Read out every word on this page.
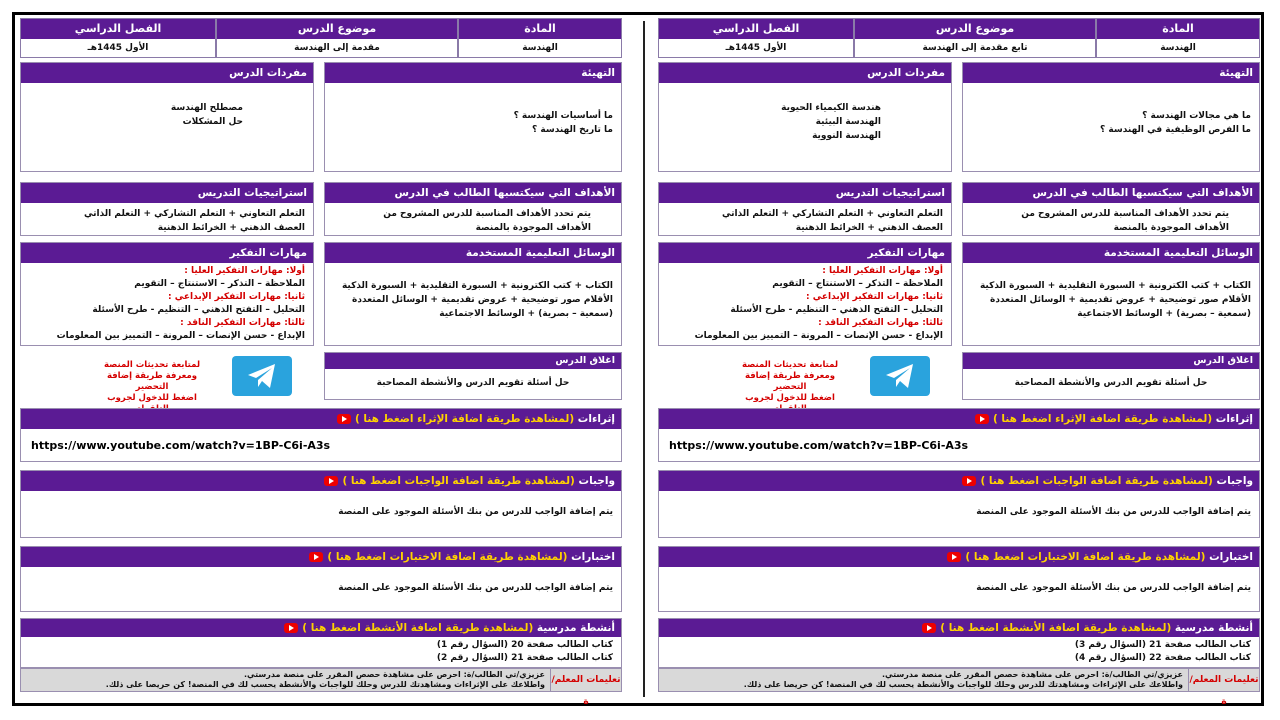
المادة
الهندسة
موضوع الدرس
تابع مقدمة إلى الهندسة
الفصل الدراسي
الأول 1445هـ
التهيئة
ما هي مجالات الهندسة ؟
ما الفرص الوظيفية في الهندسة ؟
مفردات الدرس
هندسة الكيمياء الحيوية
الهندسة البيئية
الهندسة النووية
الأهداف التي سيكتسبها الطالب في الدرس
يتم تحدد الأهداف المناسبة للدرس المشروح من الأهداف الموجودة بالمنصة
استراتيجيات التدريس
التعلم التعاوني + التعلم التشاركي + التعلم الذاتي
العصف الذهني + الخرائط الذهنية
الوسائل التعليمية المستخدمة
الكتاب + كتب الكترونية + السبورة التقليدية + السبورة الذكية
الأقلام صور توضيحية + عروض تقديمية + الوسائل المتعددة
(سمعية – بصرية) + الوسائط الاجتماعية
مهارات التفكير
أولا: مهارات التفكير العليا :
الملاحظة – التذكر – الاستنتاج – التقويم
ثانيا: مهارات التفكير الإبداعي :
التحليل – التفتح الذهني – التنظيم - طرح الأسئلة
ثالثا: مهارات التفكير الناقد :
الإبداع - حسن الإنصات – المرونة – التمييز بين المعلومات
اغلاق الدرس
حل أسئلة تقويم الدرس والأنشطة المصاحبة
لمتابعة تحديثات المنصة
ومعرفة طريقة إضافة التحضير
اضغط للدخول لجروب
إثراءات (لمشاهدة طريقة اضافة الإثراء اضغط هنا )
https://www.youtube.com/watch?v=1BP-C6i-A3s
واجبات (لمشاهدة طريقة اضافة الواجبات اضغط هنا )
يتم إضافة الواجب للدرس من بنك الأسئلة الموجود على المنصة
اختبارات (لمشاهدة طريقة اضافة الاختبارات اضغط هنا )
يتم إضافة الواجب للدرس من بنك الأسئلة الموجود على المنصة
أنشطة مدرسية (لمشاهدة طريقة اضافة الأنشطة اضغط هنا )
كتاب الطالب صفحة 21 (السؤال رقم 3)
كتاب الطالب صفحة 22 (السؤال رقم 4)
تعليمات المعلم/ة
عزيزي/تي الطالب/ة: احرص على مشاهدة حصص المقرر على منصة مدرستي.
واطلاعك على الإثراءات ومشاهدتك للدرس وحلك للواجبات والأنشطة يحسب لك في المنصة! كن حريصا على ذلك.
المادة
الهندسة
موضوع الدرس
مقدمة إلى الهندسة
الفصل الدراسي
الأول 1445هـ
التهيئة
ما أساسيات الهندسة ؟
ما تاريخ الهندسة ؟
مفردات الدرس
مصطلح الهندسة
حل المشكلات
الأهداف التي سيكتسبها الطالب في الدرس
يتم تحدد الأهداف المناسبة للدرس المشروح من الأهداف الموجودة بالمنصة
استراتيجيات التدريس
التعلم التعاوني + التعلم التشاركي + التعلم الذاتي
العصف الذهني + الخرائط الذهنية
الوسائل التعليمية المستخدمة
الكتاب + كتب الكترونية + السبورة التقليدية + السبورة الذكية
الأقلام صور توضيحية + عروض تقديمية + الوسائل المتعددة
(سمعية – بصرية) + الوسائط الاجتماعية
مهارات التفكير
أولا: مهارات التفكير العليا :
الملاحظة – التذكر – الاستنتاج – التقويم
ثانيا: مهارات التفكير الإبداعي :
التحليل – التفتح الذهني – التنظيم - طرح الأسئلة
ثالثا: مهارات التفكير الناقد :
الإبداع - حسن الإنصات – المرونة – التمييز بين المعلومات
اغلاق الدرس
حل أسئلة تقويم الدرس والأنشطة المصاحبة
لمتابعة تحديثات المنصة
ومعرفة طريقة إضافة التحضير
اضغط للدخول لجروب
إثراءات (لمشاهدة طريقة اضافة الإثراء اضغط هنا )
https://www.youtube.com/watch?v=1BP-C6i-A3s
واجبات (لمشاهدة طريقة اضافة الواجبات اضغط هنا )
يتم إضافة الواجب للدرس من بنك الأسئلة الموجود على المنصة
اختبارات (لمشاهدة طريقة اضافة الاختبارات اضغط هنا )
يتم إضافة الواجب للدرس من بنك الأسئلة الموجود على المنصة
أنشطة مدرسية (لمشاهدة طريقة اضافة الأنشطة اضغط هنا )
كتاب الطالب صفحة 20 (السؤال رقم 1)
كتاب الطالب صفحة 21 (السؤال رقم 2)
تعليمات المعلم/ة
عزيزي/تي الطالب/ة: احرص على مشاهدة حصص المقرر على منصة مدرستي.
واطلاعك على الإثراءات ومشاهدتك للدرس وحلك للواجبات والأنشطة يحسب لك في المنصة! كن حريصا على ذلك.
